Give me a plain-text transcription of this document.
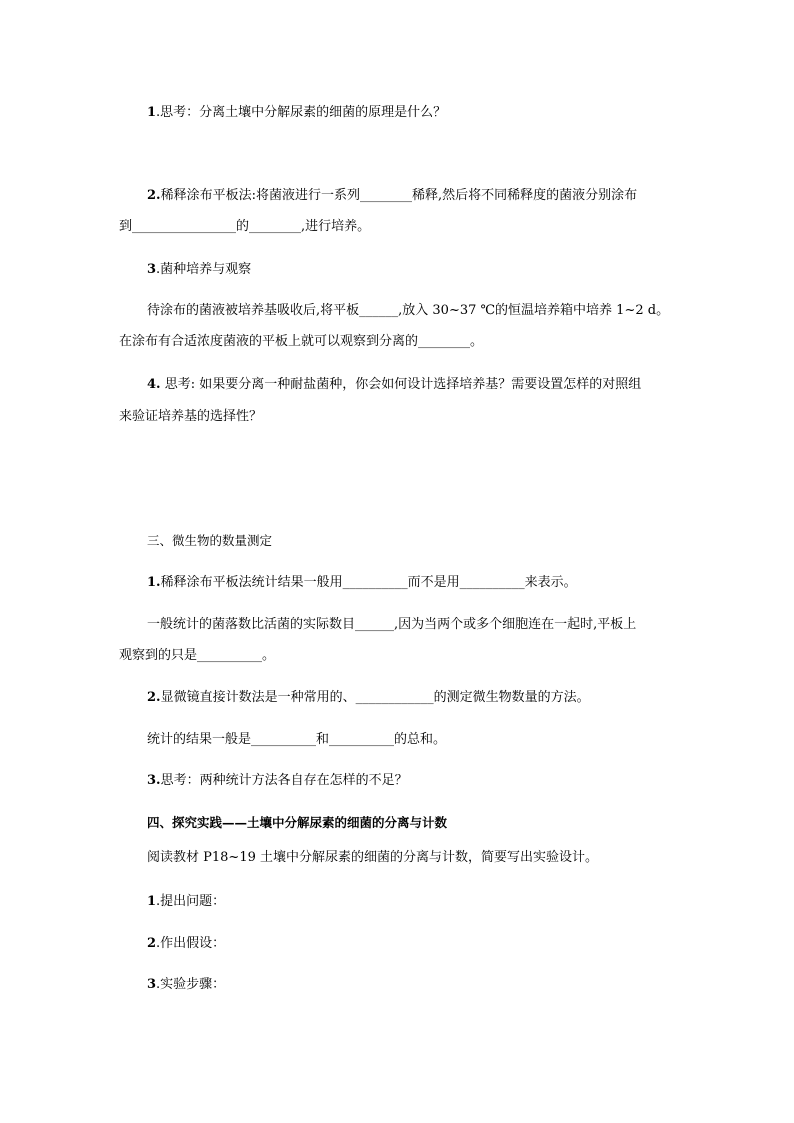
1.思考：分离土壤中分解尿素的细菌的原理是什么？
2.稀释涂布平板法:将菌液进行一系列________稀释,然后将不同稀释度的菌液分别涂布
到________________的________,进行培养。
3.菌种培养与观察
待涂布的菌液被培养基吸收后,将平板______,放入 30~37 ℃的恒温培养箱中培养 1~2 d。
在涂布有合适浓度菌液的平板上就可以观察到分离的________。
4. 思考: 如果要分离一种耐盐菌种，你会如何设计选择培养基？需要设置怎样的对照组
来验证培养基的选择性？
三、微生物的数量测定
1.稀释涂布平板法统计结果一般用__________而不是用__________来表示。
一般统计的菌落数比活菌的实际数目______,因为当两个或多个细胞连在一起时,平板上
观察到的只是__________。
2.显微镜直接计数法是一种常用的、____________的测定微生物数量的方法。
统计的结果一般是__________和__________的总和。
3.思考：两种统计方法各自存在怎样的不足？
四、探究实践——土壤中分解尿素的细菌的分离与计数
阅读教材 P18~19 土壤中分解尿素的细菌的分离与计数，简要写出实验设计。
1.提出问题：
2.作出假设：
3.实验步骤：
